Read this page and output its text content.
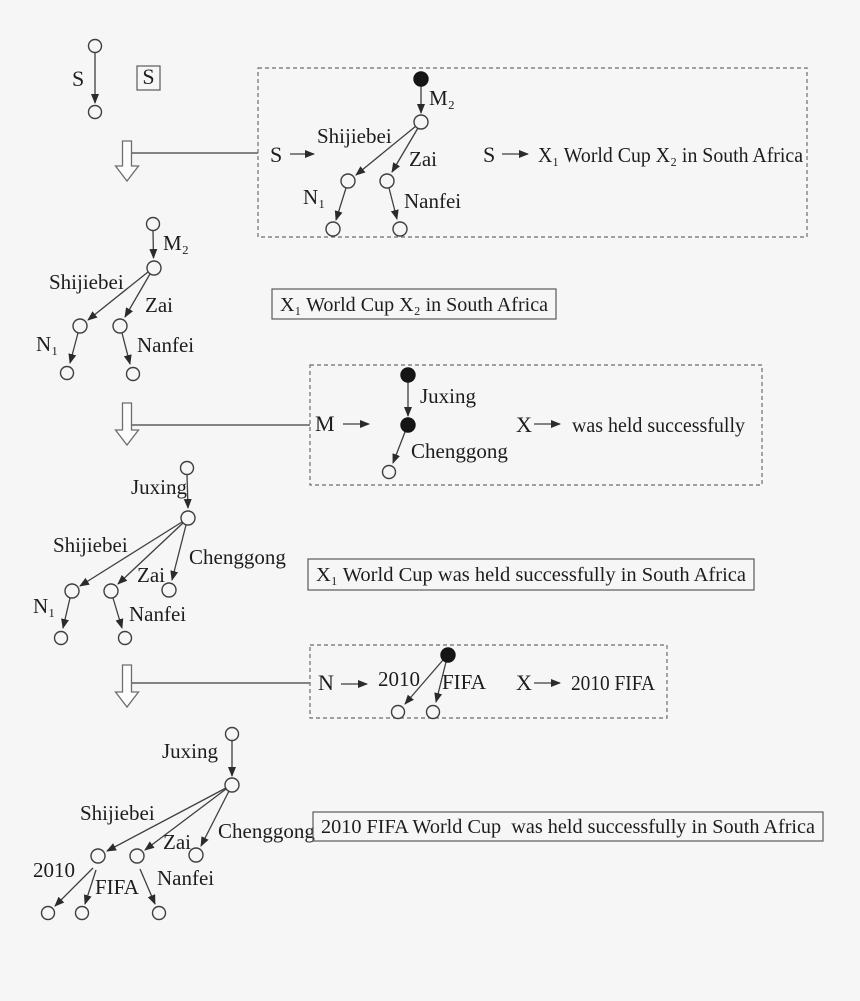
S	S
S
M₂
Shijiebei
Zai
N₁	Nanfei
S X₁ World Cup X₂ in South Africa
M₂
Shijiebei
Zai
N₁	Nanfei
X₁ World Cup X₂ in South Africa
M
Juxing
Chenggong
X was held successfully
Juxing
Shijiebei
Zai
Chenggong
N₁	Nanfei
X₁ World Cup was held successfully in South Africa
N 2010 FIFA X 2010 FIFA
Juxing
Shijiebei
Zai Chenggong
2010
FIFA Nanfei
2010 FIFA World Cup  was held successfully in South Africa
